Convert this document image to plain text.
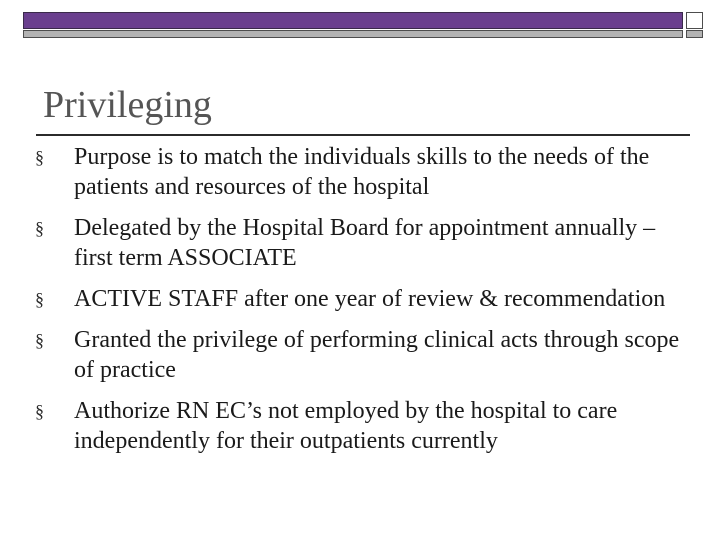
Privileging
§ Purpose is to match the individuals skills to the needs of the patients and resources of the hospital
§ Delegated by the Hospital Board for appointment annually – first term ASSOCIATE
§ ACTIVE STAFF after one year of review & recommendation
§ Granted the privilege of performing clinical acts through scope of practice
§ Authorize RN EC’s not employed by the hospital to care independently for their outpatients currently
